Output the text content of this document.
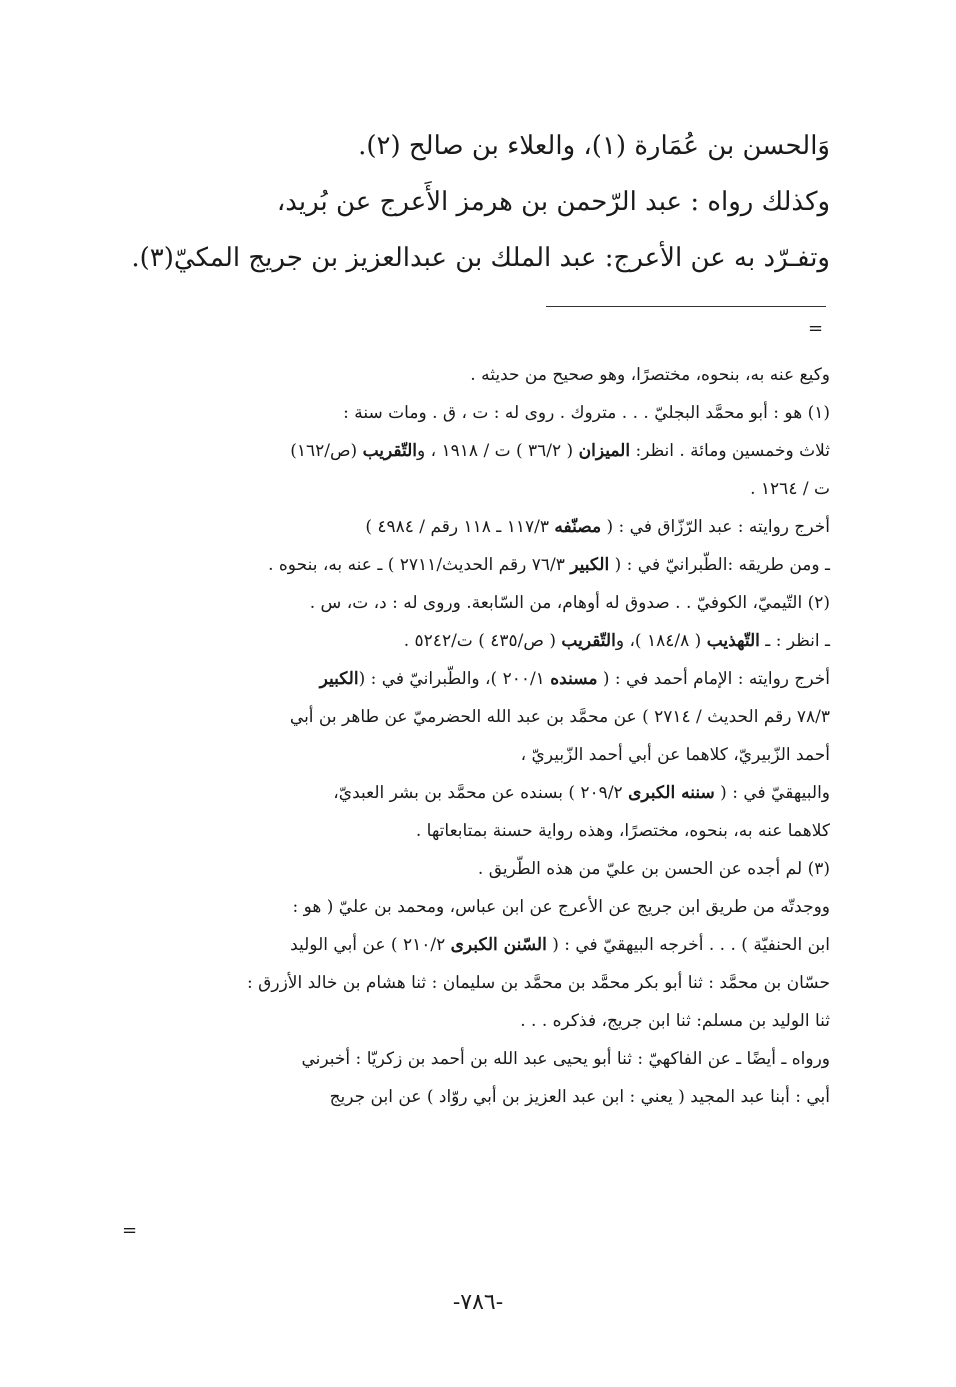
وَالحسن بن عُمَارة (١)، والعلاء بن صالح (٢).

وكذلك رواه : عبد الرّحمن بن هرمز الأَعرج عن بُريد،

وتفـرّد به عن الأعرج: عبد الملك بن عبدالعزيز بن جريج المكيّ(٣).

=

وكيع عنه به، بنحوه، مختصرًا، وهو صحيح من حديثه .

(١) هو : أبو محمَّد البجليّ . . . متروك . روى له : ت ، ق . ومات سنة :

ثلاث وخمسين ومائة . انظر: الميزان ( ٣٦/٢ ) ت / ١٩١٨ ، والتّقريب (ص/١٦٢)

ت / ١٢٦٤ .

أخرج روايته : عبد الرّزّاق في : ( مصنّفه ١١٧/٣ ـ ١١٨ رقم / ٤٩٨٤ )

ـ ومن طريقه :الطّبرانيّ في : ( الكبير ٧٦/٣ رقم الحديث/٢٧١١ ) ـ عنه به، بنحوه .

(٢) التّيميّ، الكوفيّ . . صدوق له أوهام، من السّابعة. وروى له : د، ت، س .

ـ انظر : ـ التّهذيب ( ١٨٤/٨ )، والتّقريب ( ص/٤٣٥ ) ت/٥٢٤٢ .

أخرج روايته : الإمام أحمد في : ( مسنده ٢٠٠/١ )، والطّبرانيّ في : (الكبير

٧٨/٣ رقم الحديث / ٢٧١٤ ) عن محمَّد بن عبد الله الحضرميّ عن طاهر بن أبي

أحمد الزّبيريّ، كلاهما عن أبي أحمد الزّبيريّ ،

والبيهقيّ في : ( سننه الكبرى ٢٠٩/٢ ) بسنده عن محمَّد بن بشر العبديّ،

كلاهما عنه به، بنحوه، مختصرًا، وهذه رواية حسنة بمتابعاتها .

(٣) لم أجده عن الحسن بن عليّ من هذه الطّريق .

ووجدتّه من طريق ابن جريج عن الأعرج عن ابن عباس، ومحمد بن عليّ ( هو :

ابن الحنفيّة ) . . . أخرجه البيهقيّ في : ( السّنن الكبرى ٢١٠/٢ ) عن أبي الوليد

حسّان بن محمَّد : ثنا أبو بكر محمَّد بن محمَّد بن سليمان : ثنا هشام بن خالد الأزرق :

ثنا الوليد بن مسلم: ثنا ابن جريج، فذكره . . .

ورواه ـ أيضًا ـ عن الفاكهيّ : ثنا أبو يحيى عبد الله بن أحمد بن زكريّا : أخبرني

أبي : أبنا عبد المجيد ( يعني : ابن عبد العزيز بن أبي روّاد ) عن ابن جريج

=
-٧٨٦-
